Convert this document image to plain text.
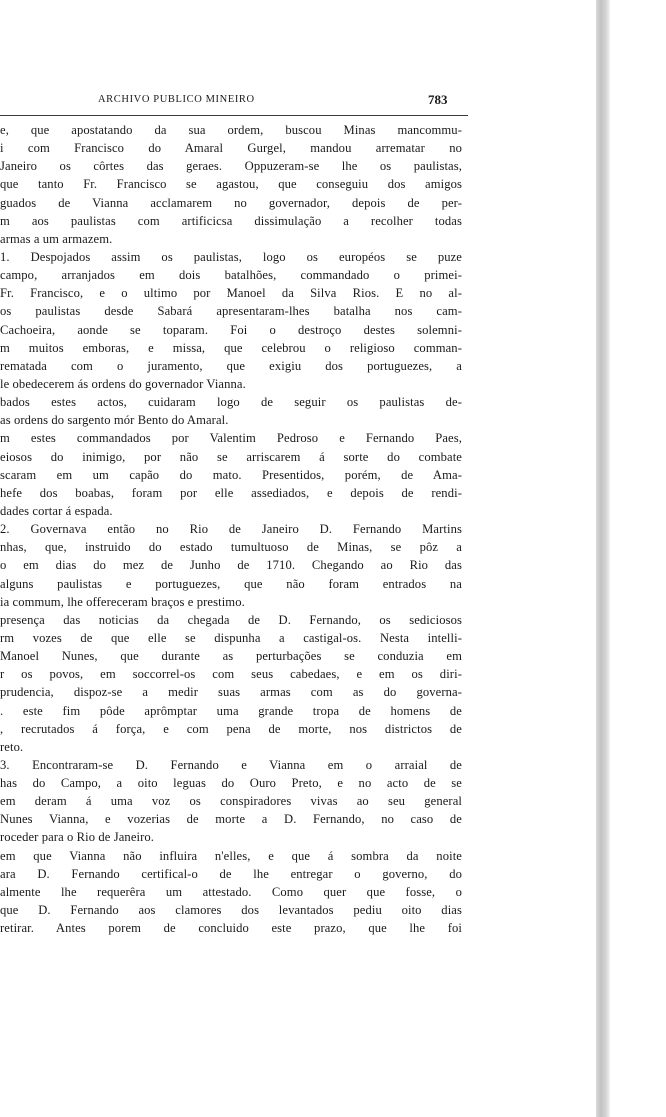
ARCHIVO PUBLICO MINEIRO	783
e, que apostatando da sua ordem, buscou Minas mancommu-
i com Francisco do Amaral Gurgel, mandou arrematar no
Janeiro os côrtes das geraes. Oppuzeram-se lhe os paulistas,
que tanto Fr. Francisco se agastou, que conseguiu dos amigos
guados de Vianna acclamarem no governador, depois de per-
m aos paulistas com artificicsa dissimulação a recolher todas
armas a um armazem.
1. Despojados assim os paulistas, logo os européos se puze
campo, arranjados em dois batalhões, commandado o primei-
Fr. Francisco, e o ultimo por Manoel da Silva Rios. E no al-
os paulistas desde Sabará apresentaram-lhes batalha nos cam-
Cachoeira, aonde se toparam. Foi o destroço destes solemni-
m muitos emboras, e missa, que celebrou o religioso comman-
rematada com o juramento, que exigiu dos portuguezes, a
le obedecerem ás ordens do governador Vianna.
bados estes actos, cuidaram logo de seguir os paulistas de-
as ordens do sargento mór Bento do Amaral.
m estes commandados por Valentim Pedroso e Fernando Paes,
eiosos do inimigo, por não se arriscarem á sorte do combate
scaram em um capão do mato. Presentidos, porém, de Ama-
hefe dos boabas, foram por elle assediados, e depois de rendi-
dades cortar á espada.
2. Governava então no Rio de Janeiro D. Fernando Martins
nhas, que, instruido do estado tumultuoso de Minas, se pôz a
o em dias do mez de Junho de 1710. Chegando ao Rio das
alguns paulistas e portuguezes, que não foram entrados na
ia commum, lhe offereceram braços e prestimo.
presença das noticias da chegada de D. Fernando, os sediciosos
rm vozes de que elle se dispunha a castigal-os. Nesta intelli-
Manoel Nunes, que durante as perturbações se conduzia em
r os povos, em soccorrel-os com seus cabedaes, e em os diri-
prudencia, dispoz-se a medir suas armas com as do governa-
. este fim pôde aprômptar uma grande tropa de homens de
, recrutados á força, e com pena de morte, nos districtos de
reto.
3. Encontraram-se D. Fernando e Vianna em o arraial de
has do Campo, a oito leguas do Ouro Preto, e no acto de se
em deram á uma voz os conspiradores vivas ao seu general
Nunes Vianna, e vozerias de morte a D. Fernando, no caso de
roceder para o Rio de Janeiro.
em que Vianna não influira n'elles, e que á sombra da noite
ara D. Fernando certifical-o de lhe entregar o governo, do
almente lhe requerêra um attestado. Como quer que fosse, o
que D. Fernando aos clamores dos levantados pediu oito dias
retirar. Antes porem de concluido este prazo, que lhe foi
